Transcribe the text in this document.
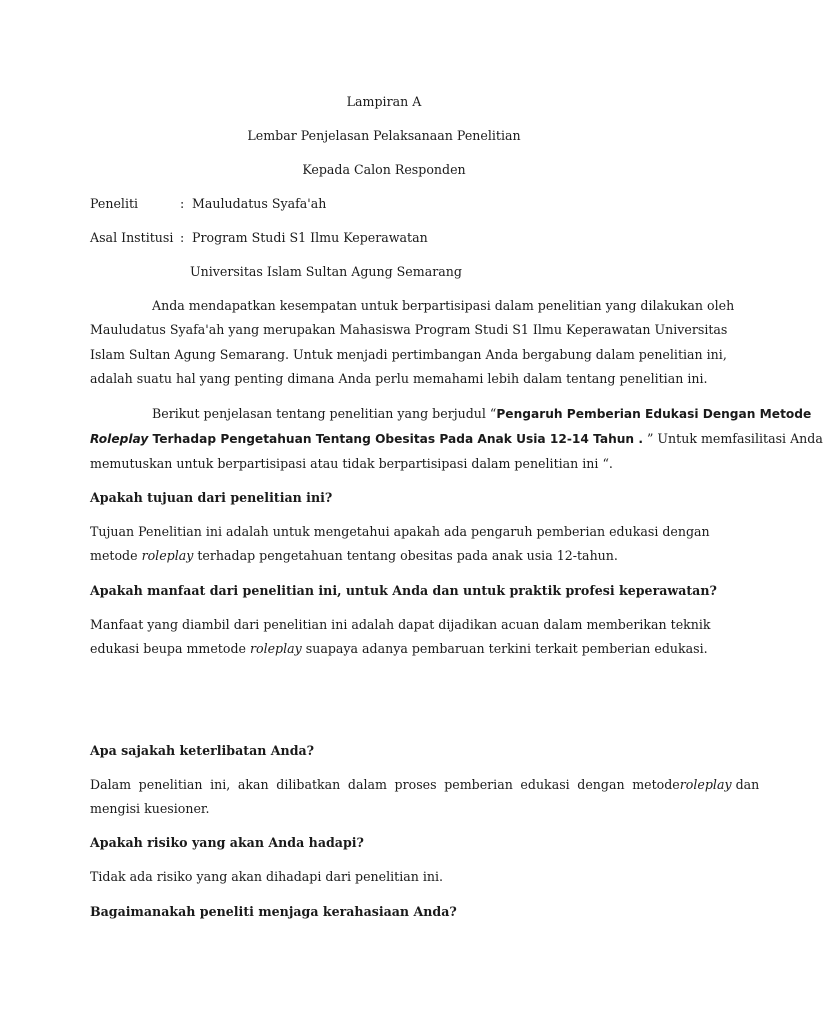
Lampiran A
Lembar Penjelasan Pelaksanaan Penelitian
Kepada Calon Responden
Peneliti	: Mauludatus Syafa'ah
Asal Institusi : Program Studi S1 Ilmu Keperawatan
Universitas Islam Sultan Agung Semarang
Anda mendapatkan kesempatan untuk berpartisipasi dalam penelitian yang dilakukan oleh
Mauludatus Syafa'ah yang merupakan Mahasiswa Program Studi S1 Ilmu Keperawatan Universitas
Islam Sultan Agung Semarang. Untuk menjadi pertimbangan Anda bergabung dalam penelitian ini,
adalah suatu hal yang penting dimana Anda perlu memahami lebih dalam tentang penelitian ini.
Berikut penjelasan tentang penelitian yang berjudul “Pengaruh Pemberian Edukasi Dengan Metode
Roleplay Terhadap Pengetahuan Tentang Obesitas Pada Anak Usia 12-14 Tahun . ” Untuk memfasilitasi Anda
memutuskan untuk berpartisipasi atau tidak berpartisipasi dalam penelitian ini “.
Apakah tujuan dari penelitian ini?
Tujuan Penelitian ini adalah untuk mengetahui apakah ada pengaruh pemberian edukasi dengan
metode roleplay terhadap pengetahuan tentang obesitas pada anak usia 12-tahun.
Apakah manfaat dari penelitian ini, untuk Anda dan untuk praktik profesi keperawatan?
Manfaat yang diambil dari penelitian ini adalah dapat dijadikan acuan dalam memberikan teknik
edukasi beupa mmetode roleplay suapaya adanya pembaruan terkini terkait pemberian edukasi.
Apa sajakah keterlibatan Anda?
Dalam penelitian ini, akan dilibatkan dalam proses pemberian edukasi dengan metode roleplay dan
mengisi kuesioner.
Apakah risiko yang akan Anda hadapi?
Tidak ada risiko yang akan dihadapi dari penelitian ini.
Bagaimanakah peneliti menjaga kerahasiaan Anda?
